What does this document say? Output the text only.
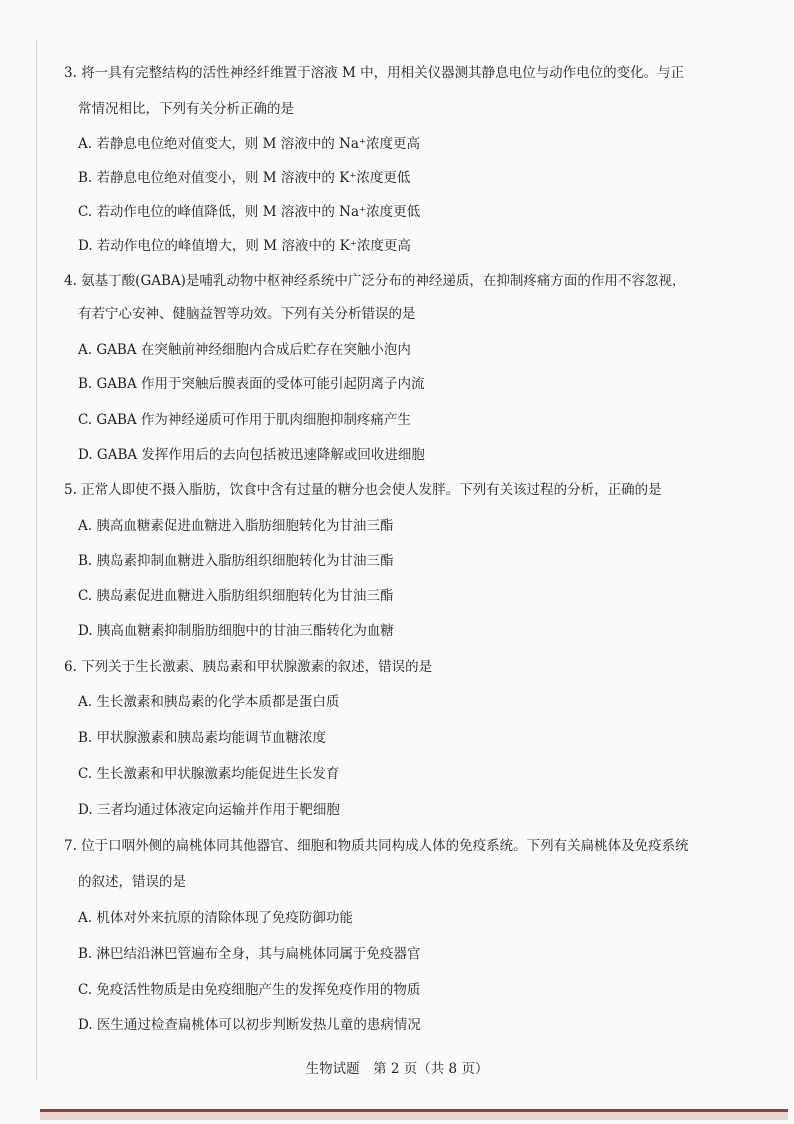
3. 将一具有完整结构的活性神经纤维置于溶液 M 中，用相关仪器测其静息电位与动作电位的变化。与正
常情况相比，下列有关分析正确的是
A. 若静息电位绝对值变大，则 M 溶液中的 Na⁺浓度更高
B. 若静息电位绝对值变小，则 M 溶液中的 K⁺浓度更低
C. 若动作电位的峰值降低，则 M 溶液中的 Na⁺浓度更低
D. 若动作电位的峰值增大，则 M 溶液中的 K⁺浓度更高
4. 氨基丁酸(GABA)是哺乳动物中枢神经系统中广泛分布的神经递质，在抑制疼痛方面的作用不容忽视，
有若宁心安神、健脑益智等功效。下列有关分析错误的是
A. GABA 在突触前神经细胞内合成后贮存在突触小泡内
B. GABA 作用于突触后膜表面的受体可能引起阴离子内流
C. GABA 作为神经递质可作用于肌肉细胞抑制疼痛产生
D. GABA 发挥作用后的去向包括被迅速降解或回收进细胞
5. 正常人即使不摄入脂肪，饮食中含有过量的糖分也会使人发胖。下列有关该过程的分析，正确的是
A. 胰高血糖素促进血糖进入脂肪细胞转化为甘油三酯
B. 胰岛素抑制血糖进入脂肪组织细胞转化为甘油三酯
C. 胰岛素促进血糖进入脂肪组织细胞转化为甘油三酯
D. 胰高血糖素抑制脂肪细胞中的甘油三酯转化为血糖
6. 下列关于生长激素、胰岛素和甲状腺激素的叙述，错误的是
A. 生长激素和胰岛素的化学本质都是蛋白质
B. 甲状腺激素和胰岛素均能调节血糖浓度
C. 生长激素和甲状腺激素均能促进生长发育
D. 三者均通过体液定向运输并作用于靶细胞
7. 位于口咽外侧的扁桃体同其他器官、细胞和物质共同构成人体的免疫系统。下列有关扁桃体及免疫系统
的叙述，错误的是
A. 机体对外来抗原的清除体现了免疫防御功能
B. 淋巴结沿淋巴管遍布全身，其与扁桃体同属于免疫器官
C. 免疫活性物质是由免疫细胞产生的发挥免疫作用的物质
D. 医生通过检查扁桃体可以初步判断发热儿童的患病情况
生物试题　第 2 页（共 8 页）
